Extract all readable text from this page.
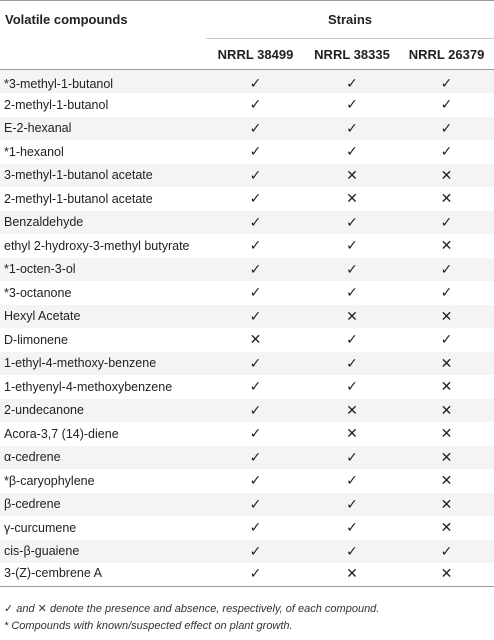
Volatile compounds	Strains		
	NRRL 38499	NRRL 38335	NRRL 26379
*3-methyl-1-butanol	✓	✓	✓
2-methyl-1-butanol	✓	✓	✓
E-2-hexanal	✓	✓	✓
*1-hexanol	✓	✓	✓
3-methyl-1-butanol acetate	✓	✕	✕
2-methyl-1-butanol acetate	✓	✕	✕
Benzaldehyde	✓	✓	✓
ethyl 2-hydroxy-3-methyl butyrate	✓	✓	✕
*1-octen-3-ol	✓	✓	✓
*3-octanone	✓	✓	✓
Hexyl Acetate	✓	✕	✕
D-limonene	✕	✓	✓
1-ethyl-4-methoxy-benzene	✓	✓	✕
1-ethyenyl-4-methoxybenzene	✓	✓	✕
2-undecanone	✓	✕	✕
Acora-3,7 (14)-diene	✓	✕	✕
α-cedrene	✓	✓	✕
*β-caryophylene	✓	✓	✕
β-cedrene	✓	✓	✕
γ-curcumene	✓	✓	✕
cis-β-guaiene	✓	✓	✓
3-(Z)-cembrene A	✓	✕	✕
✓ and ✕ denote the presence and absence, respectively, of each compound.
* Compounds with known/suspected effect on plant growth.
